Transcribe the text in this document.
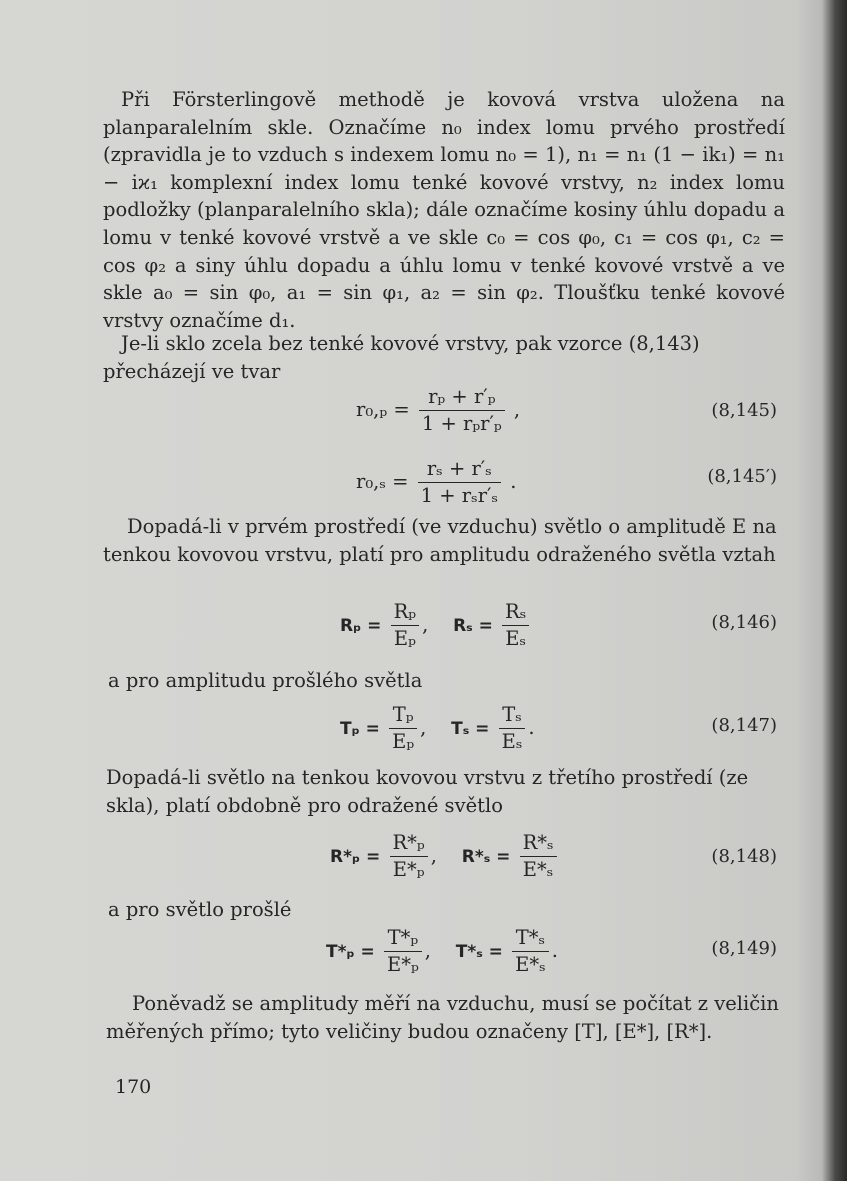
Při Försterlingově methodě je kovová vrstva uložena na planparalelním skle. Označíme n₀ index lomu prvého prostředí (zpravidla je to vzduch s indexem lomu n₀ = 1), n₁ = n₁ (1 − ik₁) = n₁ − iϰ₁ komplexní index lomu tenké kovové vrstvy, n₂ index lomu podložky (planparalelního skla); dále označíme kosiny úhlu dopadu a lomu v tenké kovové vrstvě a ve skle c₀ = cos φ₀, c₁ = cos φ₁, c₂ = cos φ₂ a siny úhlu dopadu a úhlu lomu v tenké kovové vrstvě a ve skle a₀ = sin φ₀, a₁ = sin φ₁, a₂ = sin φ₂. Tloušťku tenké kovové vrstvy označíme d₁.
Je-li sklo zcela bez tenké kovové vrstvy, pak vzorce (8,143) přecházejí ve tvar
$r_0,_p = \frac{\text{rₚ + r′ₚ}}{\text{1 + rₚr′ₚ}}$ ,	(8,145)
$r_0,_s = \frac{\text{rₛ + r′ₛ}}{\text{1 + rₛr′ₛ}}$ .	(8,145′)
Dopadá-li v prvém prostředí (ve vzduchu) světlo o amplitudě E na tenkou kovovou vrstvu, platí pro amplitudu odraženého světla vztah
$R_p = \frac{\text{Rₚ}}{\text{Eₚ}}$ ,    $R_s = \frac{\text{Rₛ}}{\text{Eₛ}}$	(8,146)
a pro amplitudu prošlého světla
$T_p = \frac{\text{Tₚ}}{\text{Eₚ}}$ ,    $T_s = \frac{\text{Tₛ}}{\text{Eₛ}}$ .	(8,147)
Dopadá-li světlo na tenkou kovovou vrstvu z třetího prostředí (ze skla), platí obdobně pro odražené světlo
$R*_p = \frac{\text{R*ₚ}}{\text{E*ₚ}}$ ,    $R*_s = \frac{\text{R*ₛ}}{\text{E*ₛ}}$	(8,148)
a pro světlo prošlé
$T*_p = \frac{\text{T*ₚ}}{\text{E*ₚ}}$ ,    $T*_s = \frac{\text{T*ₛ}}{\text{E*ₛ}}$ .	(8,149)
Poněvadž se amplitudy měří na vzduchu, musí se počítat z veličin měřených přímo; tyto veličiny budou označeny [T], [E*], [R*].
170
